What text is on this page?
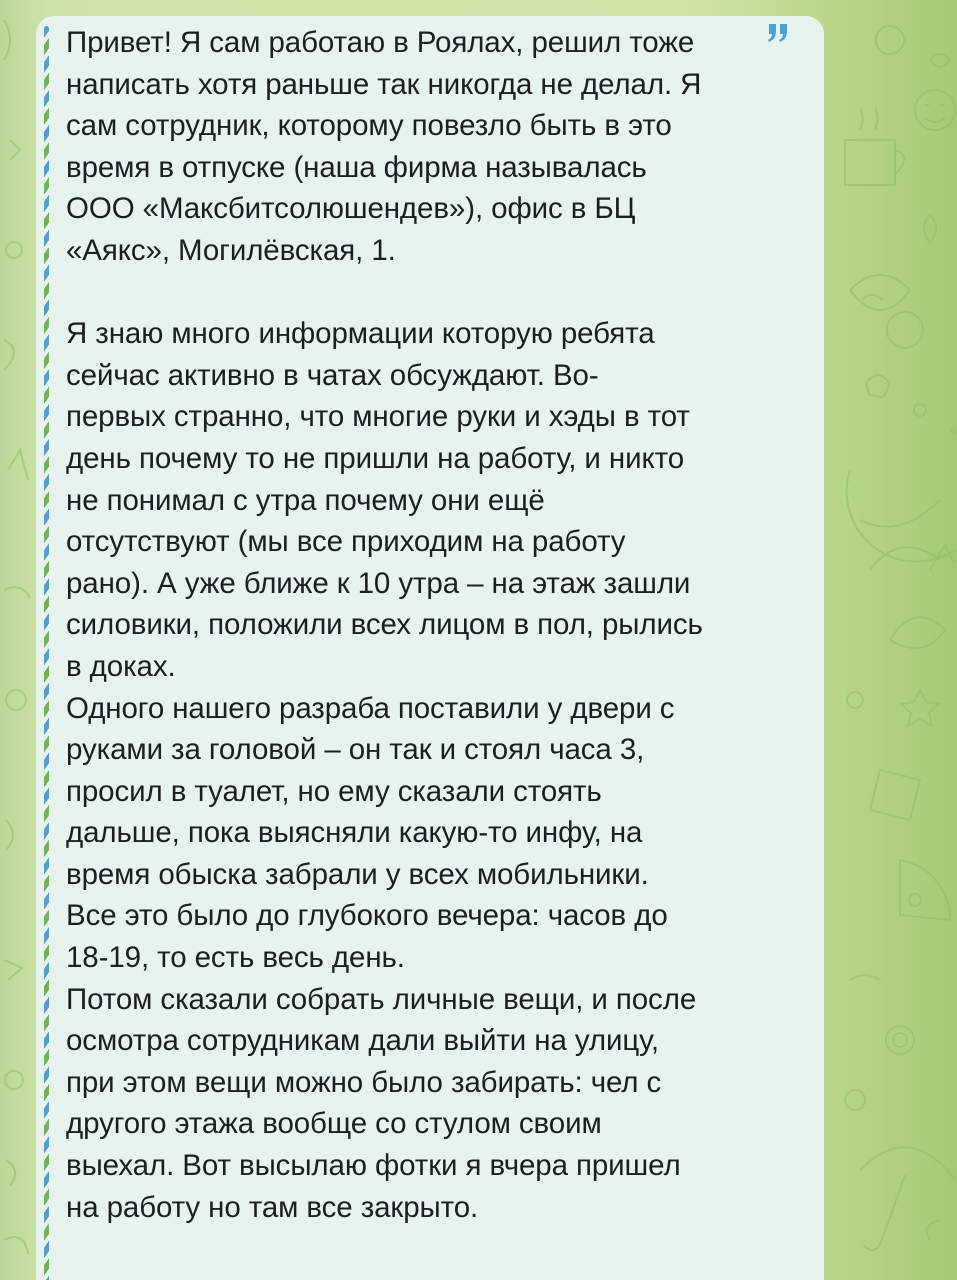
Привет! Я сам работаю в Роялах, решил тоже
написать хотя раньше так никогда не делал. Я
сам сотрудник, которому повезло быть в это
время в отпуске (наша фирма называлась
ООО «Максбитсолюшендев»), офис в БЦ
«Аякс», Могилёвская, 1.

Я знаю много информации которую ребята
сейчас активно в чатах обсуждают. Во-
первых странно, что многие руки и хэды в тот
день почему то не пришли на работу, и никто
не понимал с утра почему они ещё
отсутствуют (мы все приходим на работу
рано). А уже ближе к 10 утра – на этаж зашли
силовики, положили всех лицом в пол, рылись
в доках.
Одного нашего разраба поставили у двери с
руками за головой – он так и стоял часа 3,
просил в туалет, но ему сказали стоять
дальше, пока выясняли какую-то инфу, на
время обыска забрали у всех мобильники.
Все это было до глубокого вечера: часов до
18-19, то есть весь день.
Потом сказали собрать личные вещи, и после
осмотра сотрудникам дали выйти на улицу,
при этом вещи можно было забирать: чел с
другого этажа вообще со стулом своим
выехал. Вот высылаю фотки я вчера пришел
на работу но там все закрыто.
